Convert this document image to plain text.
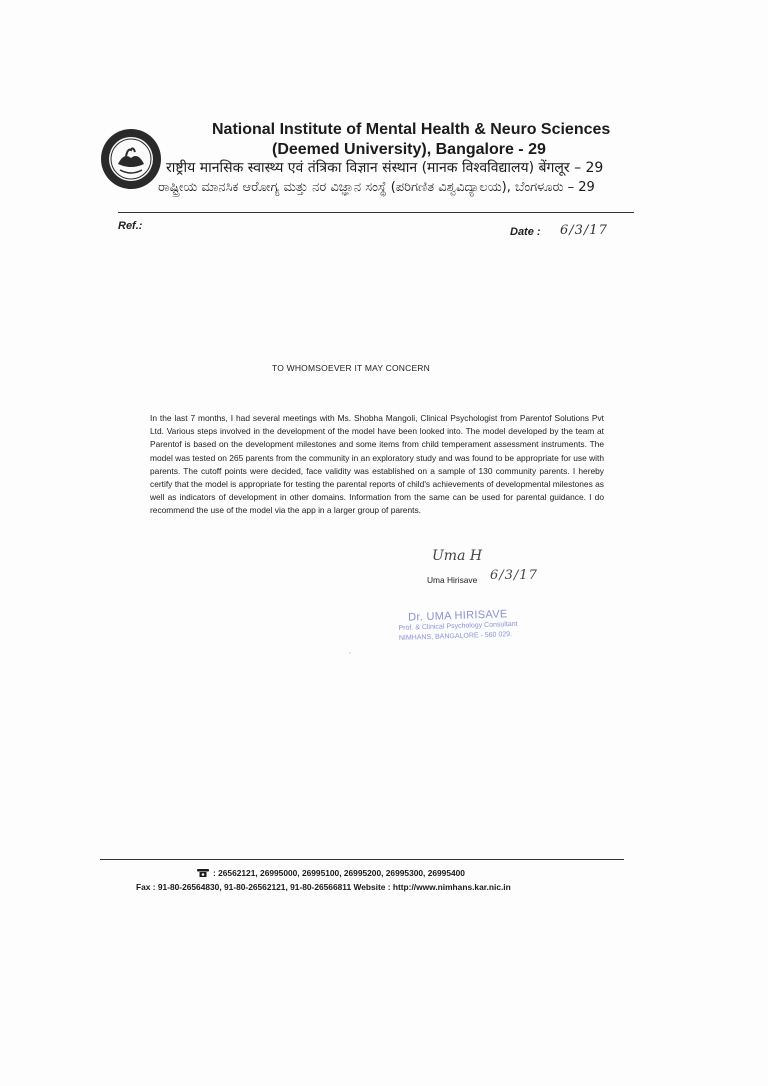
National Institute of Mental Health & Neuro Sciences
(Deemed University), Bangalore - 29
राष्ट्रीय मानसिक स्वास्थ्य एवं तंत्रिका विज्ञान संस्थान (मानक विश्वविद्यालय) बेंगलूर – 29
ರಾಷ್ಟ್ರೀಯ ಮಾನಸಿಕ ಆರೋಗ್ಯ ಮತ್ತು ನರ ವಿಜ್ಞಾನ ಸಂಸ್ಥೆ (ಪರಿಗಣಿತ ವಿಶ್ವವಿದ್ಯಾಲಯ), ಬೆಂಗಳೂರು – 29
Ref.:	Date : 6/3/17
TO WHOMSOEVER IT MAY CONCERN
In the last 7 months, I had several meetings with Ms. Shobha Mangoli, Clinical Psychologist from Parentof Solutions Pvt Ltd. Various steps involved in the development of the model have been looked into. The model developed by the team at Parentof is based on the development milestones and some items from child temperament assessment instruments. The model was tested on 265 parents from the community in an exploratory study and was found to be appropriate for use with parents. The cutoff points were decided, face validity was established on a sample of 130 community parents. I hereby certify that the model is appropriate for testing the parental reports of child's achievements of developmental milestones as well as indicators of development in other domains. Information from the same can be used for parental guidance. I do recommend the use of the model via the app in a larger group of parents.
Uma H
Uma Hirisave 6/3/17
Dr. UMA HIRISAVE
Prof. & Clinical Psychology Consultant
NIMHANS, BANGALORE - 560 029.
: 26562121, 26995000, 26995100, 26995200, 26995300, 26995400
Fax : 91-80-26564830, 91-80-26562121, 91-80-26566811 Website : http://www.nimhans.kar.nic.in
